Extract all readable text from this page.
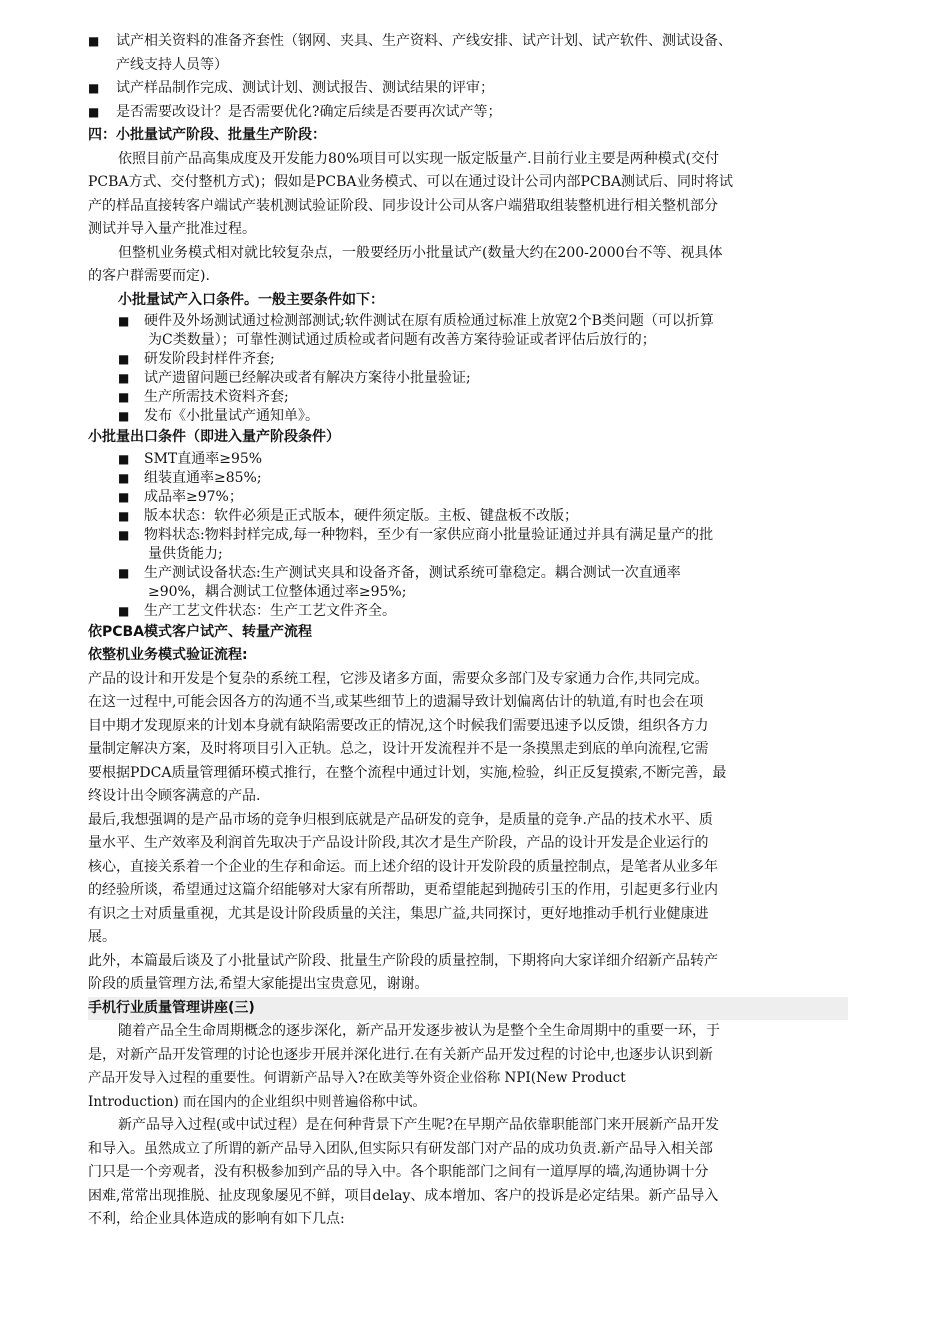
■ 试产相关资料的准备齐套性（钢网、夹具、生产资料、产线安排、试产计划、试产软件、测试设备、
产线支持人员等）
■ 试产样品制作完成、测试计划、测试报告、测试结果的评审；
■ 是否需要改设计？是否需要优化?确定后续是否要再次试产等；
四：小批量试产阶段、批量生产阶段：
依照目前产品高集成度及开发能力80%项目可以实现一版定版量产.目前行业主要是两种模式(交付
PCBA方式、交付整机方式)；假如是PCBA业务模式、可以在通过设计公司内部PCBA测试后、同时将试
产的样品直接转客户端试产装机测试验证阶段、同步设计公司从客户端猎取组装整机进行相关整机部分
测试并导入量产批准过程。
但整机业务模式相对就比较复杂点，一般要经历小批量试产(数量大约在200-2000台不等、视具体
的客户群需要而定).
小批量试产入口条件。一般主要条件如下：
■ 硬件及外场测试通过检测部测试;软件测试在原有质检通过标准上放宽2个B类问题（可以折算
为C类数量）；可靠性测试通过质检或者问题有改善方案待验证或者评估后放行的；
■ 研发阶段封样件齐套;
■ 试产遗留问题已经解决或者有解决方案待小批量验证;
■ 生产所需技术资料齐套;
■ 发布《小批量试产通知单》。
小批量出口条件（即进入量产阶段条件）
■ SMT直通率≥95%
■ 组装直通率≥85%;
■ 成品率≥97%；
■ 版本状态：软件必须是正式版本，硬件须定版。主板、键盘板不改版；
■ 物料状态:物料封样完成,每一种物料，至少有一家供应商小批量验证通过并具有满足量产的批
量供货能力;
■ 生产测试设备状态:生产测试夹具和设备齐备，测试系统可靠稳定。耦合测试一次直通率
≥90%，耦合测试工位整体通过率≥95%;
■ 生产工艺文件状态：生产工艺文件齐全。
依PCBA模式客户试产、转量产流程
依整机业务模式验证流程:
产品的设计和开发是个复杂的系统工程，它涉及诸多方面，需要众多部门及专家通力合作,共同完成。
在这一过程中,可能会因各方的沟通不当,或某些细节上的遗漏导致计划偏离估计的轨道,有时也会在项
目中期才发现原来的计划本身就有缺陷需要改正的情况,这个时候我们需要迅速予以反馈，组织各方力
量制定解决方案，及时将项目引入正轨。总之，设计开发流程并不是一条摸黑走到底的单向流程,它需
要根据PDCA质量管理循环模式推行，在整个流程中通过计划，实施,检验，纠正反复摸索,不断完善，最
终设计出令顾客满意的产品.
最后,我想强调的是产品市场的竞争归根到底就是产品研发的竞争，是质量的竞争.产品的技术水平、质
量水平、生产效率及利润首先取决于产品设计阶段,其次才是生产阶段，产品的设计开发是企业运行的
核心，直接关系着一个企业的生存和命运。而上述介绍的设计开发阶段的质量控制点，是笔者从业多年
的经验所谈，希望通过这篇介绍能够对大家有所帮助，更希望能起到抛砖引玉的作用，引起更多行业内
有识之士对质量重视，尤其是设计阶段质量的关注，集思广益,共同探讨，更好地推动手机行业健康进
展。
此外，本篇最后谈及了小批量试产阶段、批量生产阶段的质量控制，下期将向大家详细介绍新产品转产
阶段的质量管理方法,希望大家能提出宝贵意见，谢谢。
手机行业质量管理讲座(三)
随着产品全生命周期概念的逐步深化，新产品开发逐步被认为是整个全生命周期中的重要一环，于
是，对新产品开发管理的讨论也逐步开展并深化进行.在有关新产品开发过程的讨论中,也逐步认识到新
产品开发导入过程的重要性。何谓新产品导入?在欧美等外资企业俗称 NPI(New Product
Introduction) 而在国内的企业组织中则普遍俗称中试。
新产品导入过程(或中试过程）是在何种背景下产生呢?在早期产品依靠职能部门来开展新产品开发
和导入。虽然成立了所谓的新产品导入团队,但实际只有研发部门对产品的成功负责.新产品导入相关部
门只是一个旁观者，没有积极参加到产品的导入中。各个职能部门之间有一道厚厚的墙,沟通协调十分
困难,常常出现推脱、扯皮现象屡见不鲜，项目delay、成本增加、客户的投诉是必定结果。新产品导入
不利，给企业具体造成的影响有如下几点:
